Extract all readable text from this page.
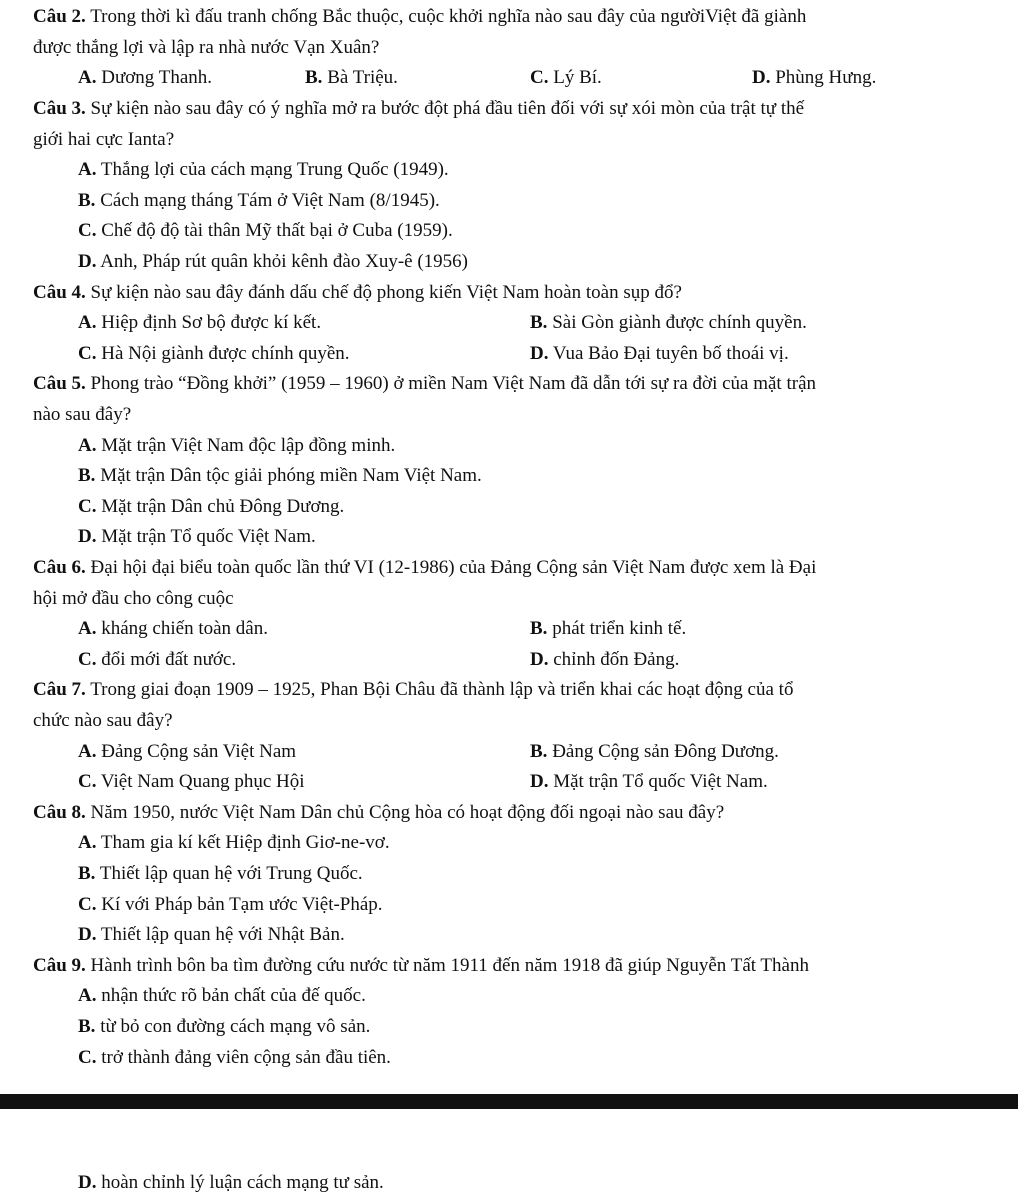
Câu 2. Trong thời kì đấu tranh chống Bắc thuộc, cuộc khởi nghĩa nào sau đây của ngườiViệt đã giành
được thắng lợi và lập ra nhà nước Vạn Xuân?
A. Dương Thanh.	B. Bà Triệu.	C. Lý Bí.	D. Phùng Hưng.
Câu 3. Sự kiện nào sau đây có ý nghĩa mở ra bước đột phá đầu tiên đối với sự xói mòn của trật tự thế
giới hai cực Ianta?
A. Thắng lợi của cách mạng Trung Quốc (1949).
B. Cách mạng tháng Tám ở Việt Nam (8/1945).
C. Chế độ độ tài thân Mỹ thất bại ở Cuba (1959).
D. Anh, Pháp rút quân khỏi kênh đào Xuy-ê (1956)
Câu 4. Sự kiện nào sau đây đánh dấu chế độ phong kiến Việt Nam hoàn toàn sụp đổ?
A. Hiệp định Sơ bộ được kí kết.	B. Sài Gòn giành được chính quyền.
C. Hà Nội giành được chính quyền.	D. Vua Bảo Đại tuyên bố thoái vị.
Câu 5. Phong trào “Đồng khởi” (1959 – 1960) ở miền Nam Việt Nam đã dẫn tới sự ra đời của mặt trận
nào sau đây?
A. Mặt trận Việt Nam độc lập đồng minh.
B. Mặt trận Dân tộc giải phóng miền Nam Việt Nam.
C. Mặt trận Dân chủ Đông Dương.
D. Mặt trận Tổ quốc Việt Nam.
Câu 6. Đại hội đại biểu toàn quốc lần thứ VI (12-1986) của Đảng Cộng sản Việt Nam được xem là Đại
hội mở đầu cho công cuộc
A. kháng chiến toàn dân.	B. phát triển kinh tế.
C. đổi mới đất nước.	D. chỉnh đốn Đảng.
Câu 7. Trong giai đoạn 1909 – 1925, Phan Bội Châu đã thành lập và triển khai các hoạt động của tổ
chức nào sau đây?
A. Đảng Cộng sản Việt Nam	B. Đảng Cộng sản Đông Dương.
C. Việt Nam Quang phục Hội	D. Mặt trận Tổ quốc Việt Nam.
Câu 8. Năm 1950, nước Việt Nam Dân chủ Cộng hòa có hoạt động đối ngoại nào sau đây?
A. Tham gia kí kết Hiệp định Giơ-ne-vơ.
B. Thiết lập quan hệ với Trung Quốc.
C. Kí với Pháp bản Tạm ước Việt-Pháp.
D. Thiết lập quan hệ với Nhật Bản.
Câu 9. Hành trình bôn ba tìm đường cứu nước từ năm 1911 đến năm 1918 đã giúp Nguyễn Tất Thành
A. nhận thức rõ bản chất của đế quốc.
B. từ bỏ con đường cách mạng vô sản.
C. trở thành đảng viên cộng sản đầu tiên.
D. hoàn chỉnh lý luận cách mạng tư sản.
